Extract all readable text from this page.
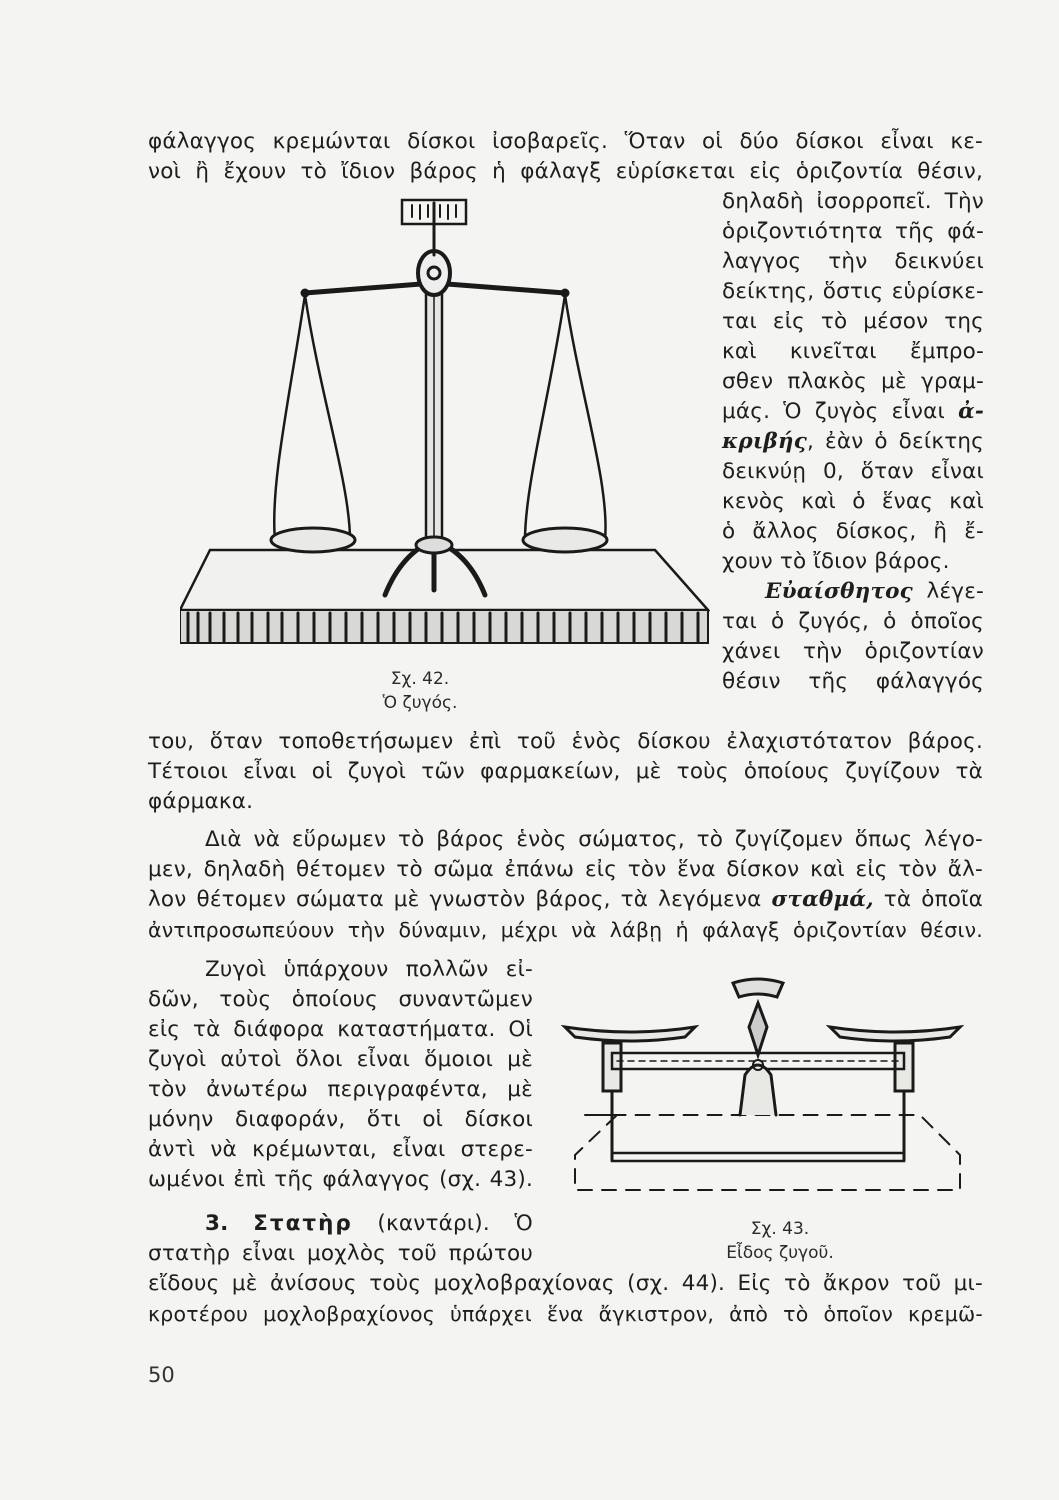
φάλαγγος κρεμώνται δίσκοι ἰσοβαρεῖς. Ὅταν οἱ δύο δίσκοι εἶναι κε-
νοὶ ἢ ἔχουν τὸ ἴδιον βάρος ἡ φάλαγξ εὑρίσκεται εἰς ὁριζοντία θέσιν,
δηλαδὴ ἰσορροπεῖ. Τὴν
ὁριζοντιότητα τῆς φά-
λαγγος τὴν δεικνύει
δείκτης, ὅστις εὑρίσκε-
ται εἰς τὸ μέσον της
καὶ κινεῖται ἔμπρο-
σθεν πλακὸς μὲ γραμ-
μάς. Ὁ ζυγὸς εἶναι ἀ-
κριβής, ἐὰν ὁ δείκτης
δεικνύῃ 0, ὅταν εἶναι
κενὸς καὶ ὁ ἕνας καὶ
ὁ ἄλλος δίσκος, ἢ ἔ-
χουν τὸ ἴδιον βάρος.
Εὐαίσθητος λέγε-
ται ὁ ζυγός, ὁ ὁποῖος
χάνει τὴν ὁριζοντίαν
θέσιν τῆς φάλαγγός
Σχ. 42.
Ὁ ζυγός.
του, ὅταν τοποθετήσωμεν ἐπὶ τοῦ ἑνὸς δίσκου ἐλαχιστότατον βάρος.
Τέτοιοι εἶναι οἱ ζυγοὶ τῶν φαρμακείων, μὲ τοὺς ὁποίους ζυγίζουν τὰ
φάρμακα.
Διὰ νὰ εὕρωμεν τὸ βάρος ἑνὸς σώματος, τὸ ζυγίζομεν ὅπως λέγο-
μεν, δηλαδὴ θέτομεν τὸ σῶμα ἐπάνω εἰς τὸν ἕνα δίσκον καὶ εἰς τὸν ἄλ-
λον θέτομεν σώματα μὲ γνωστὸν βάρος, τὰ λεγόμενα σταθμά, τὰ ὁποῖα
ἀντιπροσωπεύουν τὴν δύναμιν, μέχρι νὰ λάβῃ ἡ φάλαγξ ὁριζοντίαν θέσιν.
Ζυγοὶ ὑπάρχουν πολλῶν εἰ-
δῶν, τοὺς ὁποίους συναντῶμεν
εἰς τὰ διάφορα καταστήματα. Οἱ
ζυγοὶ αὐτοὶ ὅλοι εἶναι ὅμοιοι μὲ
τὸν ἀνωτέρω περιγραφέντα, μὲ
μόνην διαφοράν, ὅτι οἱ δίσκοι
ἀντὶ νὰ κρέμωνται, εἶναι στερε-
ωμένοι ἐπὶ τῆς φάλαγγος (σχ. 43).
Σχ. 43.
Εἶδος ζυγοῦ.
3. Στατὴρ (καντάρι). Ὁ
στατὴρ εἶναι μοχλὸς τοῦ πρώτου
εἴδους μὲ ἀνίσους τοὺς μοχλοβραχίονας (σχ. 44). Εἰς τὸ ἄκρον τοῦ μι-
κροτέρου μοχλοβραχίονος ὑπάρχει ἕνα ἄγκιστρον, ἀπὸ τὸ ὁποῖον κρεμῶ-
50
